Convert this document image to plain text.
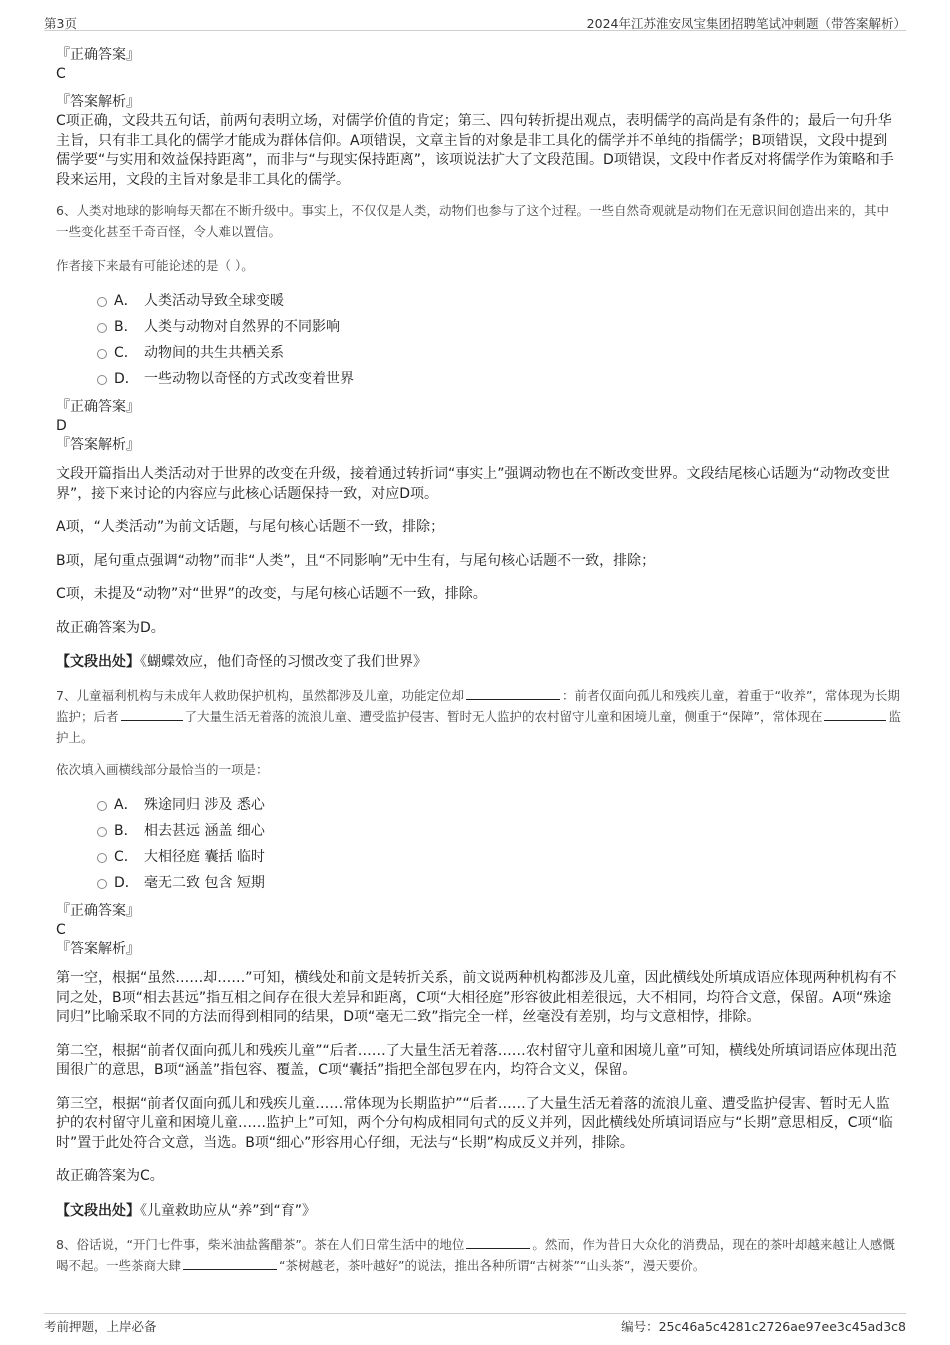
第3页	2024年江苏淮安凤宝集团招聘笔试冲刺题（带答案解析）
『正确答案』
C
『答案解析』

C项正确，文段共五句话，前两句表明立场，对儒学价值的肯定；第三、四句转折提出观点，表明儒学的高尚是有条件的；最后一句升华主旨，只有非工具化的儒学才能成为群体信仰。A项错误，文章主旨的对象是非工具化的儒学并不单纯的指儒学；B项错误，文段中提到儒学要“与实用和效益保持距离”，而非与“与现实保持距离”，该项说法扩大了文段范围。D项错误，文段中作者反对将儒学作为策略和手段来运用，文段的主旨对象是非工具化的儒学。

6、人类对地球的影响每天都在不断升级中。事实上，不仅仅是人类，动物们也参与了这个过程。一些自然奇观就是动物们在无意识间创造出来的，其中一些变化甚至千奇百怪，令人难以置信。

作者接下来最有可能论述的是（ ）。

A． 人类活动导致全球变暖
B． 人类与动物对自然界的不同影响
C． 动物间的共生共栖关系
D． 一些动物以奇怪的方式改变着世界
『正确答案』
D
『答案解析』

文段开篇指出人类活动对于世界的改变在升级，接着通过转折词“事实上”强调动物也在不断改变世界。文段结尾核心话题为“动物改变世界”，接下来讨论的内容应与此核心话题保持一致，对应D项。

A项，“人类活动”为前文话题，与尾句核心话题不一致，排除；

B项，尾句重点强调“动物”而非“人类”，且“不同影响”无中生有，与尾句核心话题不一致，排除；

C项，未提及“动物”对“世界”的改变，与尾句核心话题不一致，排除。

故正确答案为D。

【文段出处】《蝴蝶效应，他们奇怪的习惯改变了我们世界》

7、儿童福利机构与未成年人救助保护机构，虽然都涉及儿童，功能定位却	：前者仅面向孤儿和残疾儿童，着重于“收养”，常体现为长期监护；后者	了大量生活无着落的流浪儿童、遭受监护侵害、暂时无人监护的农村留守儿童和困境儿童，侧重于“保障”，常体现在	监护上。

依次填入画横线部分最恰当的一项是：

A． 殊途同归 涉及 悉心
B． 相去甚远 涵盖 细心
C． 大相径庭 囊括 临时
D． 毫无二致 包含 短期
『正确答案』
C
『答案解析』

第一空，根据“虽然……却……”可知，横线处和前文是转折关系，前文说两种机构都涉及儿童，因此横线处所填成语应体现两种机构有不同之处，B项“相去甚远”指互相之间存在很大差异和距离，C项“大相径庭”形容彼此相差很远，大不相同，均符合文意，保留。A项“殊途同归”比喻采取不同的方法而得到相同的结果，D项“毫无二致”指完全一样，丝毫没有差别，均与文意相悖，排除。

第二空，根据“前者仅面向孤儿和残疾儿童”“后者……了大量生活无着落……农村留守儿童和困境儿童”可知，横线处所填词语应体现出范围很广的意思，B项“涵盖”指包容、覆盖，C项“囊括”指把全部包罗在内，均符合文义，保留。

第三空，根据“前者仅面向孤儿和残疾儿童……常体现为长期监护”“后者……了大量生活无着落的流浪儿童、遭受监护侵害、暂时无人监护的农村留守儿童和困境儿童……监护上”可知，两个分句构成相同句式的反义并列，因此横线处所填词语应与“长期”意思相反，C项“临时”置于此处符合文意，当选。B项“细心”形容用心仔细，无法与“长期”构成反义并列，排除。

故正确答案为C。

【文段出处】《儿童救助应从“养”到“育”》

8、俗话说，“开门七件事，柴米油盐酱醋茶”。茶在人们日常生活中的地位	。然而，作为昔日大众化的消费品，现在的茶叶却越来越让人感慨喝不起。一些茶商大肆	“茶树越老，茶叶越好”的说法，推出各种所谓“古树茶”“山头茶”，漫天要价。

考前押题，上岸必备	编号：25c46a5c4281c2726ae97ee3c45ad3c8
